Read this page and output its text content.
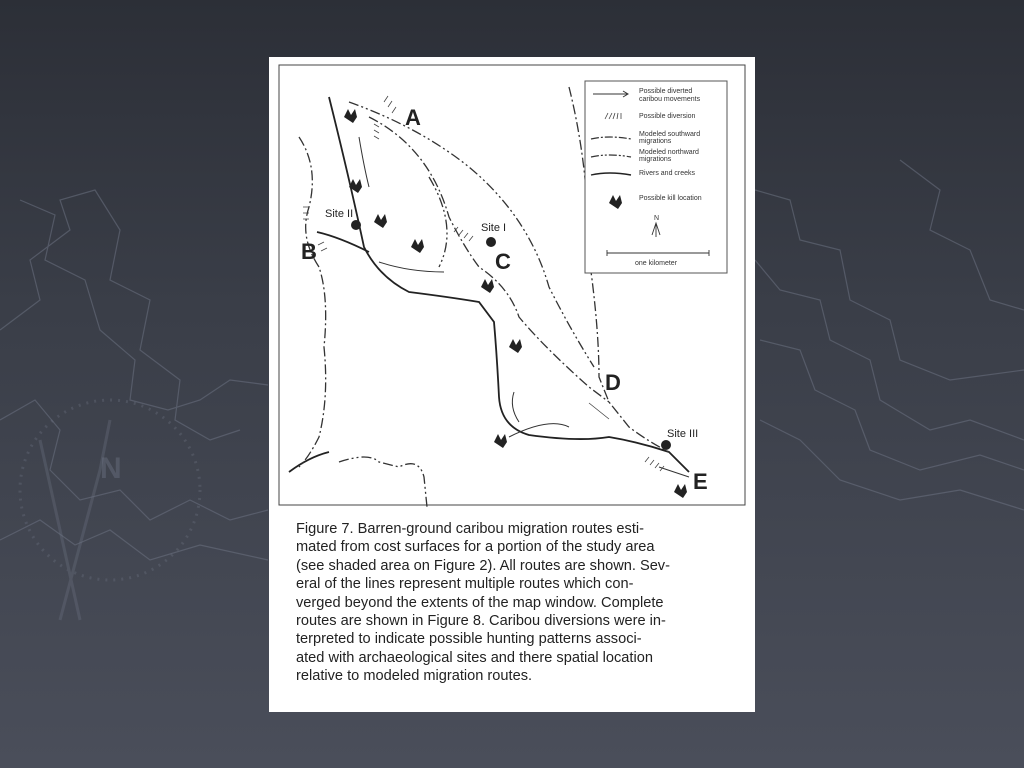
N
Site II
Site I
Site III
A
B	C
D
E
Possible diverted
caribou movements
Possible diversion
Modeled southward
migrations
Modeled northward
migrations
Rivers and creeks
Possible kill location
N
one kilometer

Figure 7. Barren-ground caribou migration routes esti-
mated from cost surfaces for a portion of the study area
(see shaded area on Figure 2). All routes are shown. Sev-
eral of the lines represent multiple routes which con-
verged beyond the extents of the map window. Complete
routes are shown in Figure 8. Caribou diversions were in-
terpreted to indicate possible hunting patterns associ-
ated with archaeological sites and there spatial location
relative to modeled migration routes.
